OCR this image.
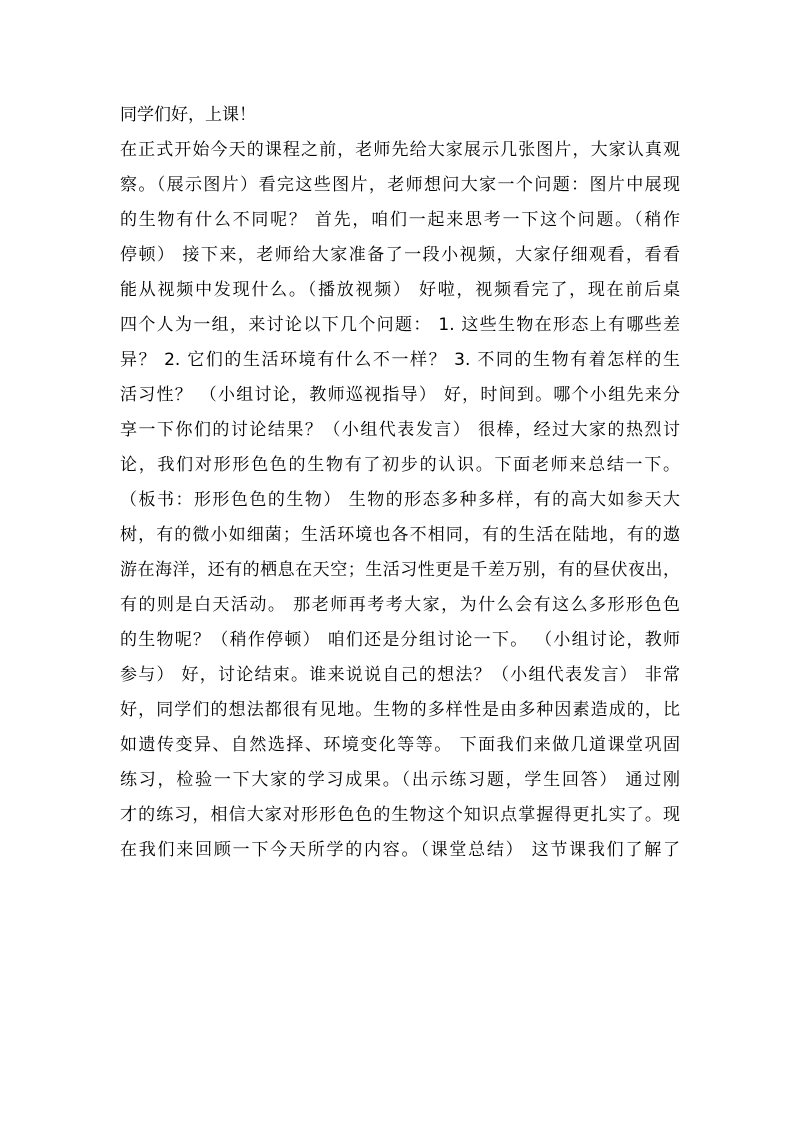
同学们好，上课！
在正式开始今天的课程之前，老师先给大家展示几张图片，大家认真观
察。（展示图片）看完这些图片，老师想问大家一个问题：图片中展现
的生物有什么不同呢？ 首先，咱们一起来思考一下这个问题。（稍作
停顿） 接下来，老师给大家准备了一段小视频，大家仔细观看，看看
能从视频中发现什么。（播放视频） 好啦，视频看完了，现在前后桌
四个人为一组，来讨论以下几个问题： 1. 这些生物在形态上有哪些差
异？ 2. 它们的生活环境有什么不一样？ 3. 不同的生物有着怎样的生
活习性？ （小组讨论，教师巡视指导） 好，时间到。哪个小组先来分
享一下你们的讨论结果？（小组代表发言） 很棒，经过大家的热烈讨
论，我们对形形色色的生物有了初步的认识。下面老师来总结一下。
（板书：形形色色的生物） 生物的形态多种多样，有的高大如参天大
树，有的微小如细菌；生活环境也各不相同，有的生活在陆地，有的遨
游在海洋，还有的栖息在天空；生活习性更是千差万别，有的昼伏夜出，
有的则是白天活动。 那老师再考考大家，为什么会有这么多形形色色
的生物呢？（稍作停顿） 咱们还是分组讨论一下。 （小组讨论，教师
参与） 好，讨论结束。谁来说说自己的想法？（小组代表发言） 非常
好，同学们的想法都很有见地。生物的多样性是由多种因素造成的，比
如遗传变异、自然选择、环境变化等等。 下面我们来做几道课堂巩固
练习，检验一下大家的学习成果。（出示练习题，学生回答） 通过刚
才的练习，相信大家对形形色色的生物这个知识点掌握得更扎实了。现
在我们来回顾一下今天所学的内容。（课堂总结） 这节课我们了解了
